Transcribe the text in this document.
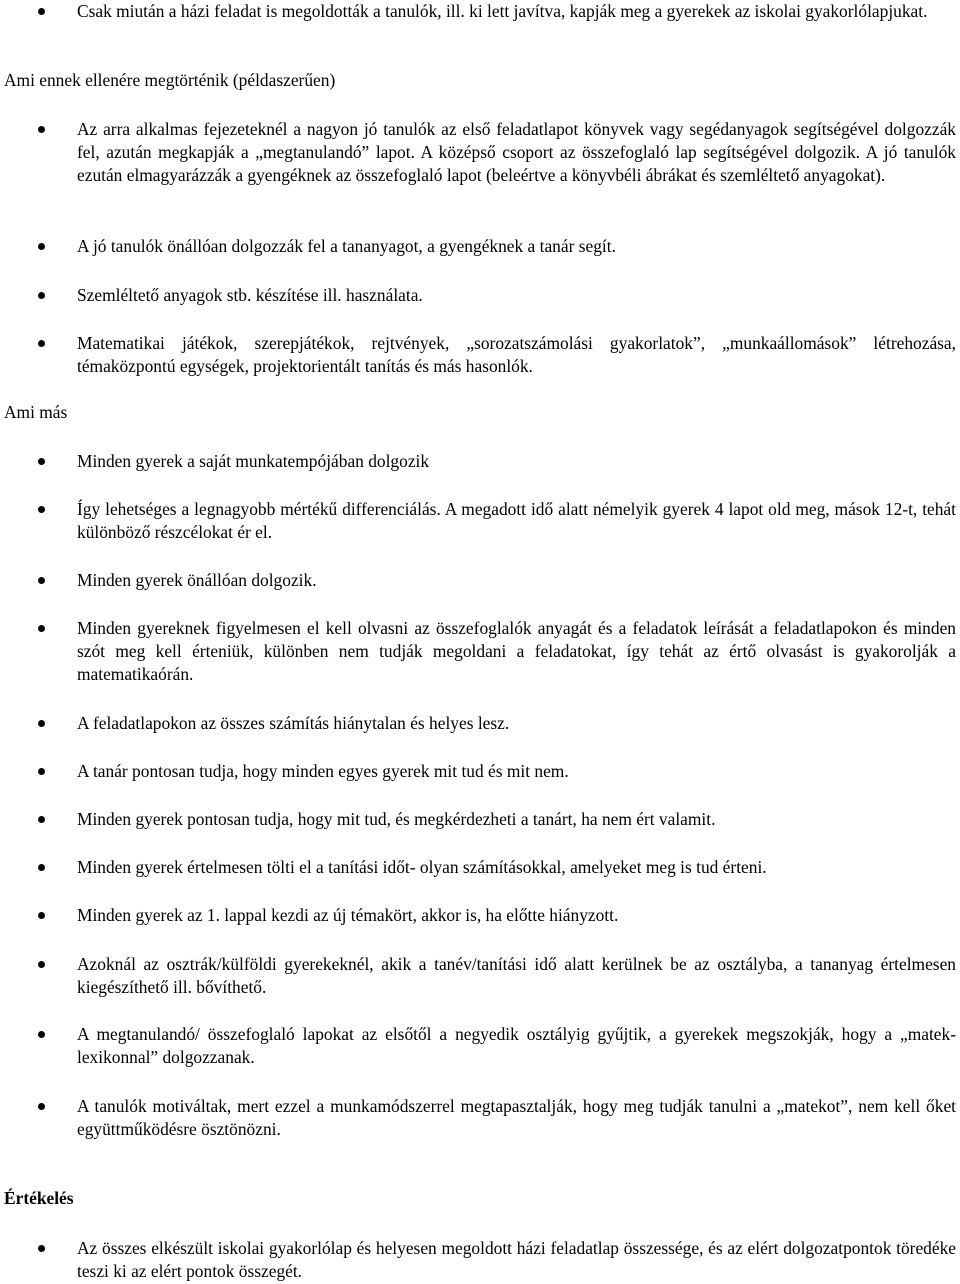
Csak miután a házi feladat is megoldották a tanulók, ill. ki lett javítva, kapják meg a gyerekek az iskolai gyakorlólapjukat.
Ami ennek ellenére megtörténik (példaszerűen)
Az arra alkalmas fejezeteknél a nagyon jó tanulók az első feladatlapot könyvek vagy segédanyagok segítségével dolgozzák fel, azután megkapják a „megtanulandó” lapot. A középső csoport az összefoglaló lap segítségével dolgozik. A jó tanulók ezután elmagyarázzák a gyengéknek az összefoglaló lapot (beleértve a könyvbéli ábrákat és szemléltető anyagokat).
A jó tanulók önállóan dolgozzák fel a tananyagot, a gyengéknek a tanár segít.
Szemléltető anyagok stb. készítése ill. használata.
Matematikai játékok, szerepjátékok, rejtvények, „sorozatszámolási gyakorlatok”, „munkaállomások” létrehozása, témaközpontú egységek, projektorientált tanítás és más hasonlók.
Ami más
Minden gyerek a saját munkatempójában dolgozik
Így lehetséges a legnagyobb mértékű differenciálás. A megadott idő alatt némelyik gyerek 4 lapot old meg, mások 12-t, tehát különböző részcélokat ér el.
Minden gyerek önállóan dolgozik.
Minden gyereknek figyelmesen el kell olvasni az összefoglalók anyagát és a feladatok leírását a feladatlapokon és minden szót meg kell érteniük, különben nem tudják megoldani a feladatokat, így tehát az értő olvasást is gyakorolják a matematikaórán.
A feladatlapokon az összes számítás hiánytalan és helyes lesz.
A tanár pontosan tudja, hogy minden egyes gyerek mit tud és mit nem.
Minden gyerek pontosan tudja, hogy mit tud, és megkérdezheti a tanárt, ha nem ért valamit.
Minden gyerek értelmesen tölti el a tanítási időt- olyan számításokkal, amelyeket meg is tud érteni.
Minden gyerek az 1. lappal kezdi az új témakört, akkor is, ha előtte hiányzott.
Azoknál az osztrák/külföldi gyerekeknél, akik a tanév/tanítási idő alatt kerülnek be az osztályba, a tananyag értelmesen kiegészíthető ill. bővíthető.
A megtanulandó/ összefoglaló lapokat az elsőtől a negyedik osztályig gyűjtik, a gyerekek megszokják, hogy a „matek-lexikonnal” dolgozzanak.
A tanulók motiváltak, mert ezzel a munkamódszerrel megtapasztalják, hogy meg tudják tanulni a „matekot”, nem kell őket együttműködésre ösztönözni.
Értékelés
Az összes elkészült iskolai gyakorlólap és helyesen megoldott házi feladatlap összessége, és az elért dolgozatpontok töredéke teszi ki az elért pontok összegét.
